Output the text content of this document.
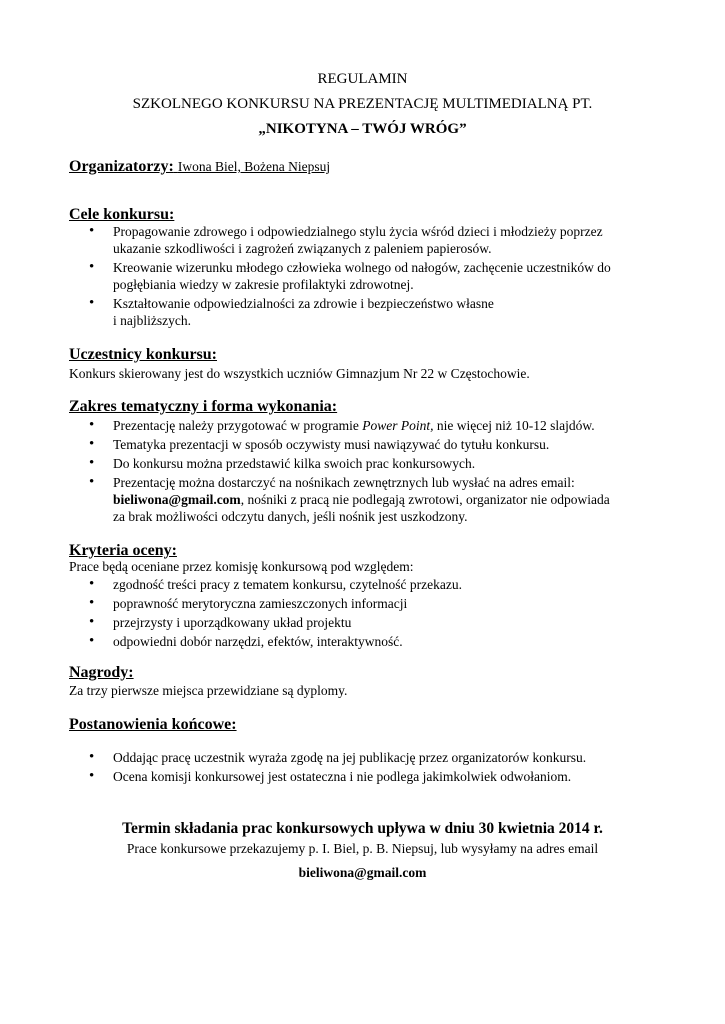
REGULAMIN
SZKOLNEGO KONKURSU NA PREZENTACJĘ MULTIMEDIALNĄ PT.
„NIKOTYNA – TWÓJ WRÓG”
Organizatorzy: Iwona Biel, Bożena Niepsuj
Cele konkursu:
• Propagowanie zdrowego i odpowiedzialnego stylu życia wśród dzieci i młodzieży poprzez
ukazanie szkodliwości i zagrożeń związanych z paleniem papierosów.
• Kreowanie wizerunku młodego człowieka wolnego od nałogów, zachęcenie uczestników do
pogłębiania wiedzy w zakresie profilaktyki zdrowotnej.
• Kształtowanie odpowiedzialności za zdrowie i bezpieczeństwo własne
i najbliższych.
Uczestnicy konkursu:
Konkurs skierowany jest do wszystkich uczniów Gimnazjum Nr 22 w Częstochowie.
Zakres tematyczny i forma wykonania:
• Prezentację należy przygotować w programie Power Point, nie więcej niż 10-12 slajdów.
• Tematyka prezentacji w sposób oczywisty musi nawiązywać do tytułu konkursu.
• Do konkursu można przedstawić kilka swoich prac konkursowych.
• Prezentację można dostarczyć na nośnikach zewnętrznych lub wysłać na adres email:
bieliwona@gmail.com, nośniki z pracą nie podlegają zwrotowi, organizator nie odpowiada
za brak możliwości odczytu danych, jeśli nośnik jest uszkodzony.
Kryteria oceny:
Prace będą oceniane przez komisję konkursową pod względem:
• zgodność treści pracy z tematem konkursu, czytelność przekazu.
• poprawność merytoryczna zamieszczonych informacji
• przejrzysty i uporządkowany układ projektu
• odpowiedni dobór narzędzi, efektów, interaktywność.
Nagrody:
Za trzy pierwsze miejsca przewidziane są dyplomy.
Postanowienia końcowe:
• Oddając pracę uczestnik wyraża zgodę na jej publikację przez organizatorów konkursu.
• Ocena komisji konkursowej jest ostateczna i nie podlega jakimkolwiek odwołaniom.
Termin składania prac konkursowych upływa w dniu 30 kwietnia 2014 r.
Prace konkursowe przekazujemy p. I. Biel, p. B. Niepsuj, lub wysyłamy na adres email
bieliwona@gmail.com
